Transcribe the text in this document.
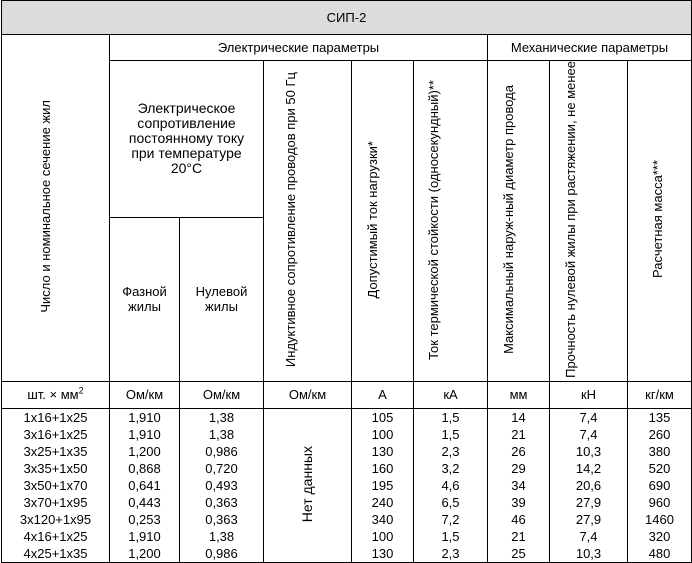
СИП-2								
Число и номинальное сечение жил	Электрические параметры					Механические параметры		
	Электрическое сопротивление постоянному току при температуре 20°С		Индуктивное сопротивление проводов при 50 Гц	Допустимый ток нагрузки*	Ток термической стойкости (односекундный)**	Максимальный наруж-ный диаметр провода	Прочность нулевой жилы при растяжении, не менее	Расчетная масса***
	Фазной жилы	Нулевой жилы						
шт. × $мм^2$	Ом/км	Ом/км	Ом/км	А	кА	мм	кН	кг/км
1x16+1x25	1,910	1,38	Нет данных	105	1,5	14	7,4	135
3x16+1x25	1,910	1,38		100	1,5	21	7,4	260
3x25+1x35	1,200	0,986		130	2,3	26	10,3	380
3x35+1x50	0,868	0,720		160	3,2	29	14,2	520
3x50+1x70	0,641	0,493		195	4,6	34	20,6	690
3x70+1x95	0,443	0,363		240	6,5	39	27,9	960
3x120+1x95	0,253	0,363		340	7,2	46	27,9	1460
4x16+1x25	1,910	1,38		100	1,5	21	7,4	320
4x25+1x35	1,200	0,986		130	2,3	25	10,3	480
